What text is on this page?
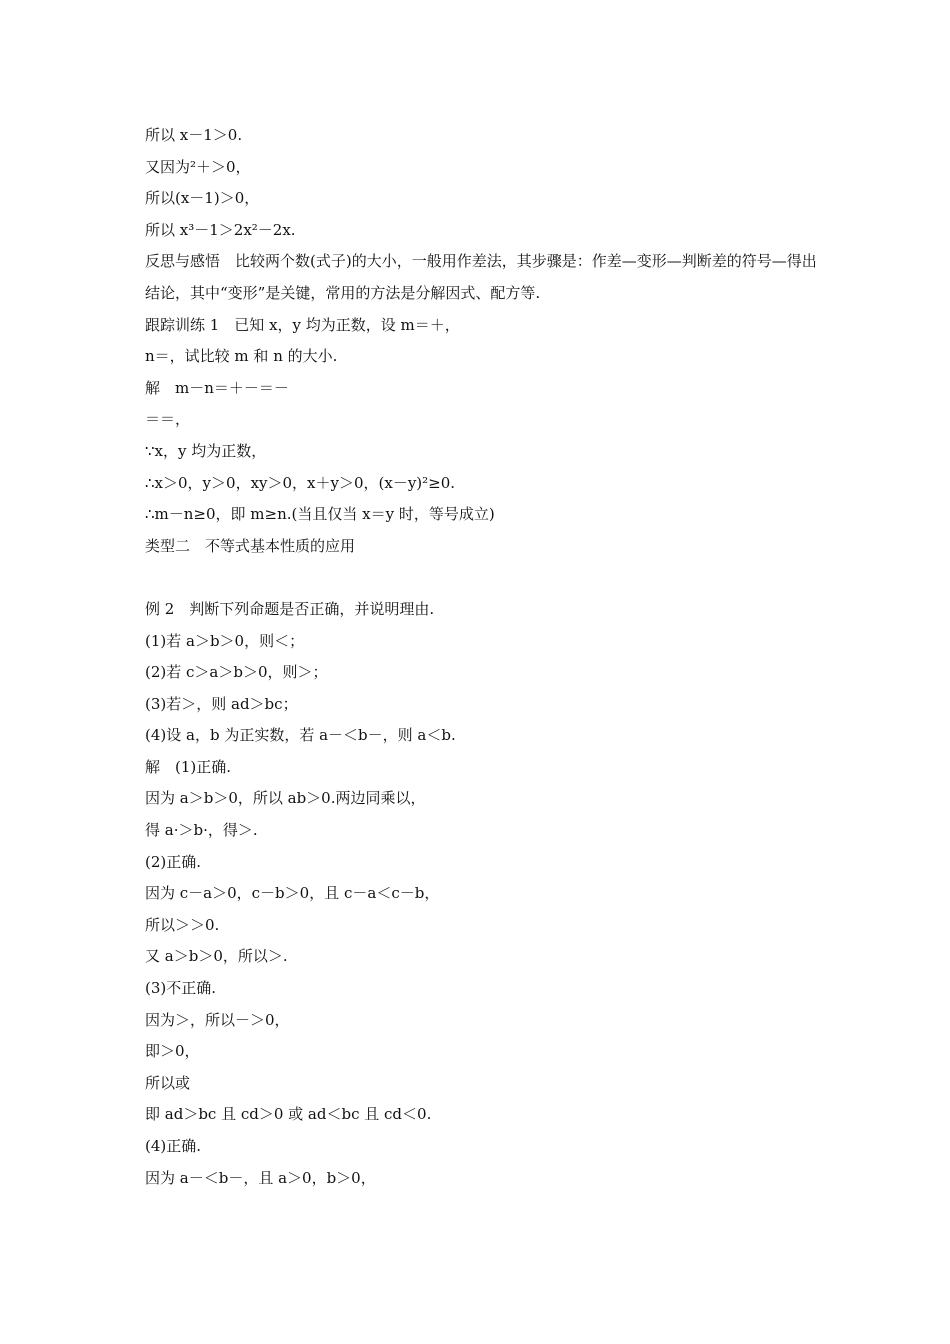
所以 x－1＞0.
又因为²＋＞0，
所以(x－1)＞0，
所以 x³－1＞2x²－2x.
反思与感悟　比较两个数(式子)的大小，一般用作差法，其步骤是：作差—变形—判断差的符号—得出结论，其中“变形”是关键，常用的方法是分解因式、配方等.
跟踪训练 1　已知 x，y 均为正数，设 m＝＋，
n＝，试比较 m 和 n 的大小.
解　m－n＝＋－＝－
＝＝，
∵x，y 均为正数，
∴x＞0，y＞0，xy＞0，x＋y＞0，(x－y)²≥0.
∴m－n≥0，即 m≥n.(当且仅当 x＝y 时，等号成立)
类型二　不等式基本性质的应用
例 2　判断下列命题是否正确，并说明理由.
(1)若 a＞b＞0，则＜；
(2)若 c＞a＞b＞0，则＞；
(3)若＞，则 ad＞bc；
(4)设 a，b 为正实数，若 a－＜b－，则 a＜b.
解　(1)正确.
因为 a＞b＞0，所以 ab＞0.两边同乘以，
得 a·＞b·，得＞.
(2)正确.
因为 c－a＞0，c－b＞0，且 c－a＜c－b，
所以＞＞0.
又 a＞b＞0，所以＞.
(3)不正确.
因为＞，所以－＞0，
即＞0，
所以或
即 ad＞bc 且 cd＞0 或 ad＜bc 且 cd＜0.
(4)正确.
因为 a－＜b－，且 a＞0，b＞0，
